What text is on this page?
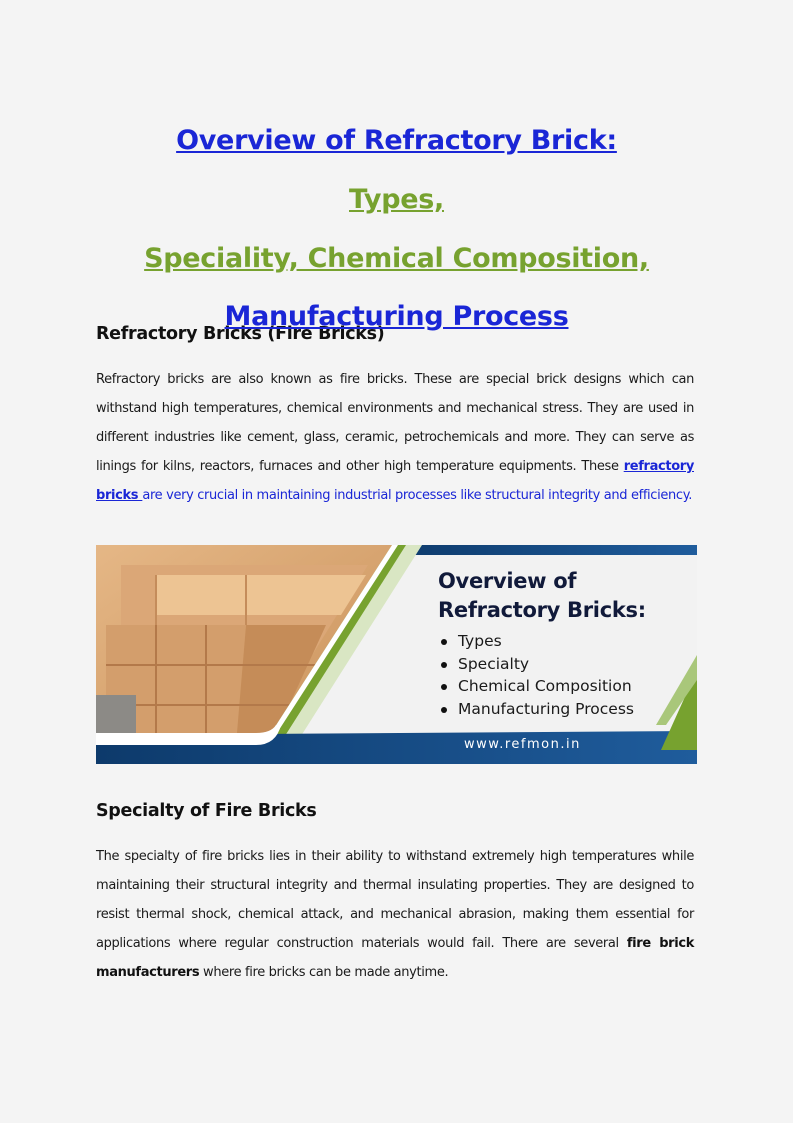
Overview of Refractory Brick:
Types,
Speciality, Chemical Composition,
Refractory Bricks (Fire Bricks)
Manufacturing Process
Refractory bricks are also known as fire bricks. These are special brick designs which can withstand high temperatures, chemical environments and mechanical stress. They are used in different industries like cement, glass, ceramic, petrochemicals and more. They can serve as linings for kilns, reactors, furnaces and other high temperature equipments. These refractory bricks are very crucial in maintaining industrial processes like structural integrity and efficiency.
Overview of
Refractory Bricks:
Types
Specialty
Chemical Composition
Manufacturing Process
www.refmon.in
Specialty of Fire Bricks
The specialty of fire bricks lies in their ability to withstand extremely high temperatures while maintaining their structural integrity and thermal insulating properties. They are designed to resist thermal shock, chemical attack, and mechanical abrasion, making them essential for applications where regular construction materials would fail. There are several fire brick manufacturers where fire bricks can be made anytime.
